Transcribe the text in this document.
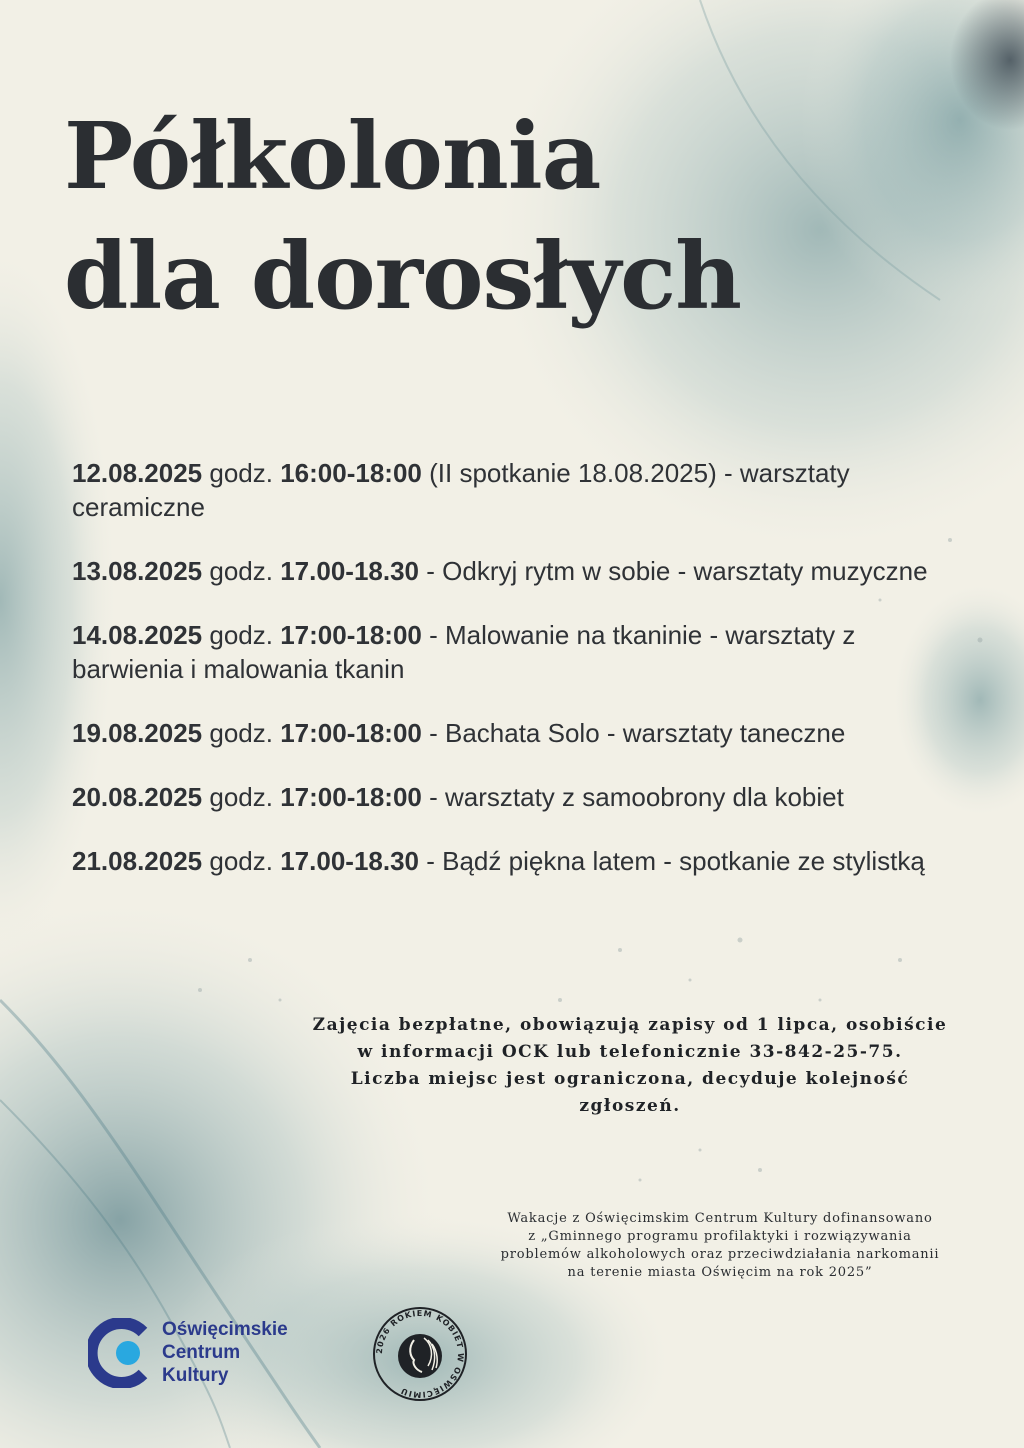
Półkolonia
dla dorosłych
12.08.2025 godz. 16:00-18:00 (II spotkanie 18.08.2025) - warsztaty ceramiczne
13.08.2025 godz. 17.00-18.30 - Odkryj rytm w sobie - warsztaty muzyczne
14.08.2025 godz. 17:00-18:00 - Malowanie na tkaninie - warsztaty z barwienia i malowania tkanin
19.08.2025 godz. 17:00-18:00 - Bachata Solo - warsztaty taneczne
20.08.2025 godz. 17:00-18:00 - warsztaty z samoobrony dla kobiet
21.08.2025 godz. 17.00-18.30 - Bądź piękna latem - spotkanie ze stylistką
Zajęcia bezpłatne, obowiązują zapisy od 1 lipca, osobiście
w informacji OCK lub telefonicznie 33-842-25-75.
Liczba miejsc jest ograniczona, decyduje kolejność
zgłoszeń.
Wakacje z Oświęcimskim Centrum Kultury dofinansowano
z „Gminnego programu profilaktyki i rozwiązywania
problemów alkoholowych oraz przeciwdziałania narkomanii
na terenie miasta Oświęcim na rok 2025”
Oświęcimskie
Centrum
Kultury
2026 ROKIEM KOBIET W OŚWIĘCIMIU
